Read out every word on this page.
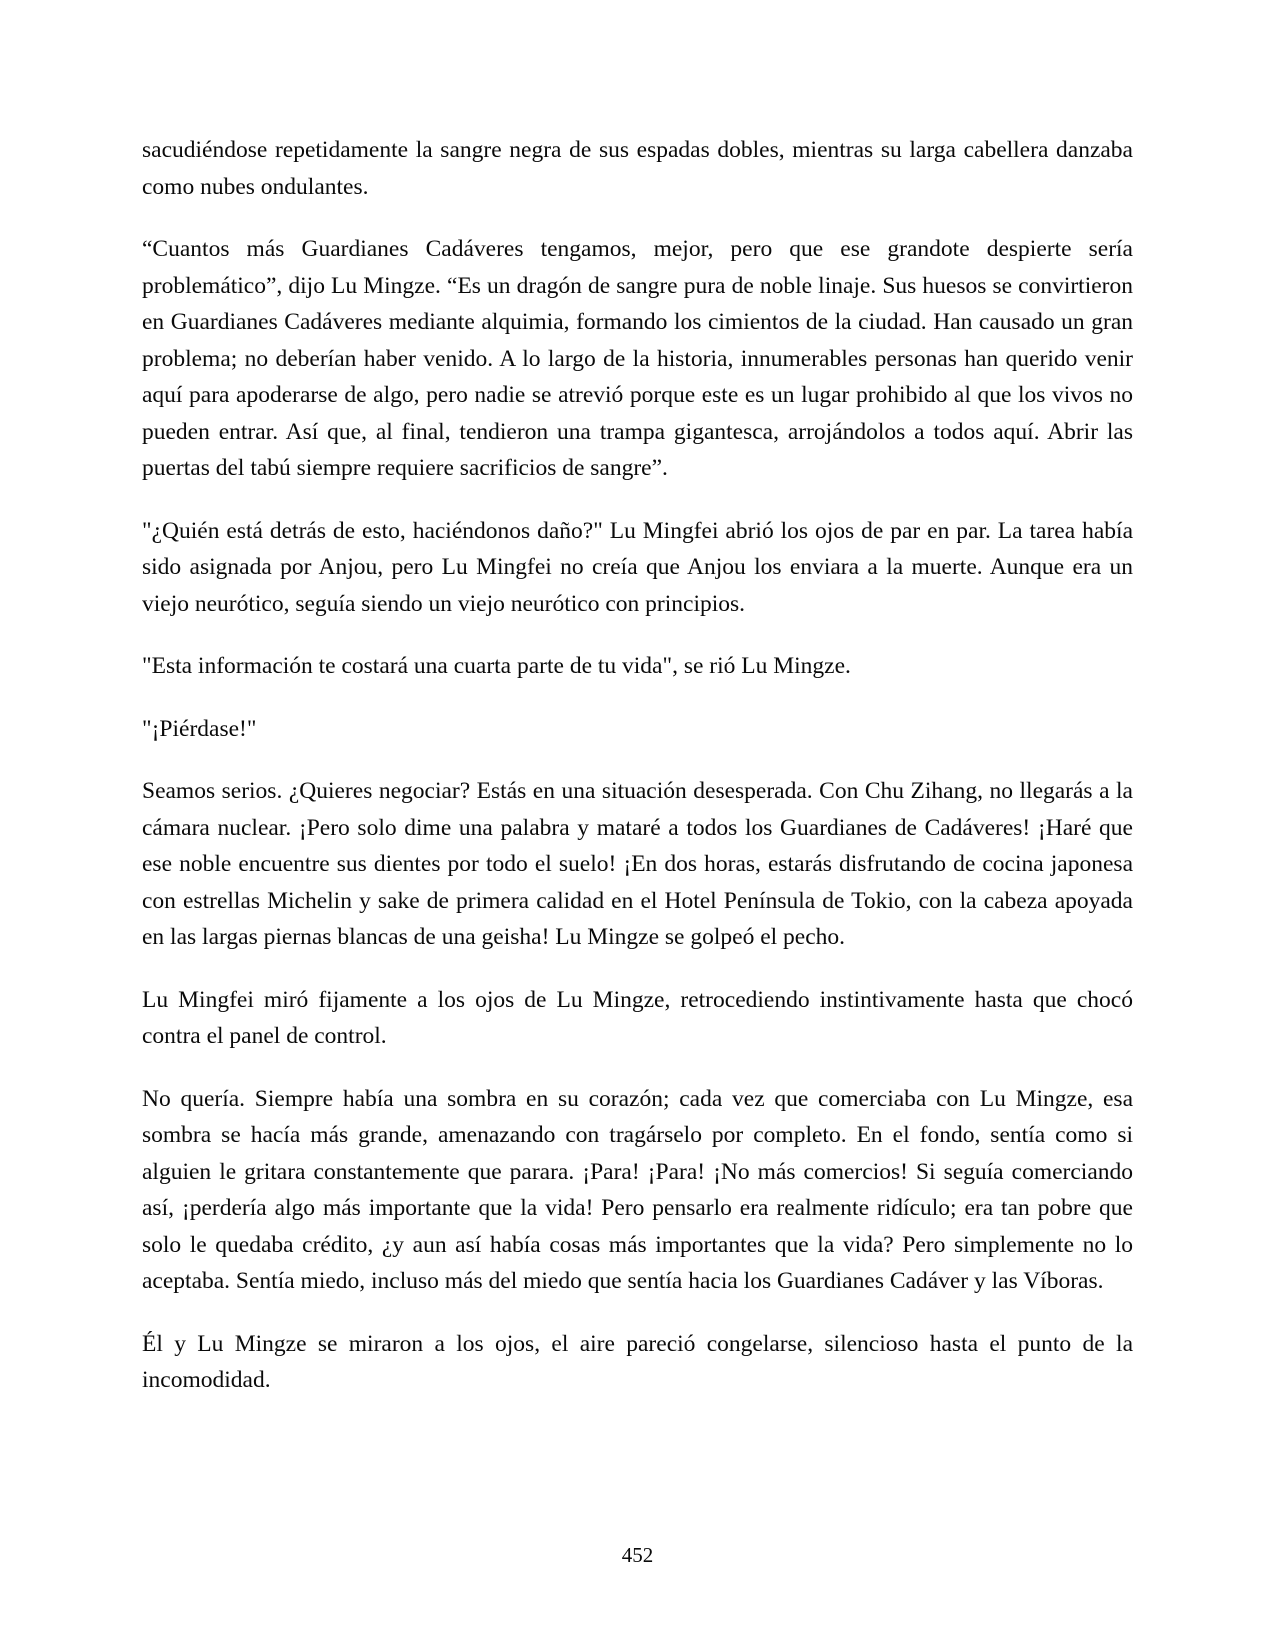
sacudiéndose repetidamente la sangre negra de sus espadas dobles, mientras su larga cabellera danzaba como nubes ondulantes.

“Cuantos más Guardianes Cadáveres tengamos, mejor, pero que ese grandote despierte sería problemático”, dijo Lu Mingze. “Es un dragón de sangre pura de noble linaje. Sus huesos se convirtieron en Guardianes Cadáveres mediante alquimia, formando los cimientos de la ciudad. Han causado un gran problema; no deberían haber venido. A lo largo de la historia, innumerables personas han querido venir aquí para apoderarse de algo, pero nadie se atrevió porque este es un lugar prohibido al que los vivos no pueden entrar. Así que, al final, tendieron una trampa gigantesca, arrojándolos a todos aquí. Abrir las puertas del tabú siempre requiere sacrificios de sangre”.

"¿Quién está detrás de esto, haciéndonos daño?" Lu Mingfei abrió los ojos de par en par. La tarea había sido asignada por Anjou, pero Lu Mingfei no creía que Anjou los enviara a la muerte. Aunque era un viejo neurótico, seguía siendo un viejo neurótico con principios.

"Esta información te costará una cuarta parte de tu vida", se rió Lu Mingze.

"¡Piérdase!"

Seamos serios. ¿Quieres negociar? Estás en una situación desesperada. Con Chu Zihang, no llegarás a la cámara nuclear. ¡Pero solo dime una palabra y mataré a todos los Guardianes de Cadáveres! ¡Haré que ese noble encuentre sus dientes por todo el suelo! ¡En dos horas, estarás disfrutando de cocina japonesa con estrellas Michelin y sake de primera calidad en el Hotel Península de Tokio, con la cabeza apoyada en las largas piernas blancas de una geisha! Lu Mingze se golpeó el pecho.

Lu Mingfei miró fijamente a los ojos de Lu Mingze, retrocediendo instintivamente hasta que chocó contra el panel de control.

No quería. Siempre había una sombra en su corazón; cada vez que comerciaba con Lu Mingze, esa sombra se hacía más grande, amenazando con tragárselo por completo. En el fondo, sentía como si alguien le gritara constantemente que parara. ¡Para! ¡Para! ¡No más comercios! Si seguía comerciando así, ¡perdería algo más importante que la vida! Pero pensarlo era realmente ridículo; era tan pobre que solo le quedaba crédito, ¿y aun así había cosas más importantes que la vida? Pero simplemente no lo aceptaba. Sentía miedo, incluso más del miedo que sentía hacia los Guardianes Cadáver y las Víboras.

Él y Lu Mingze se miraron a los ojos, el aire pareció congelarse, silencioso hasta el punto de la incomodidad.

452
